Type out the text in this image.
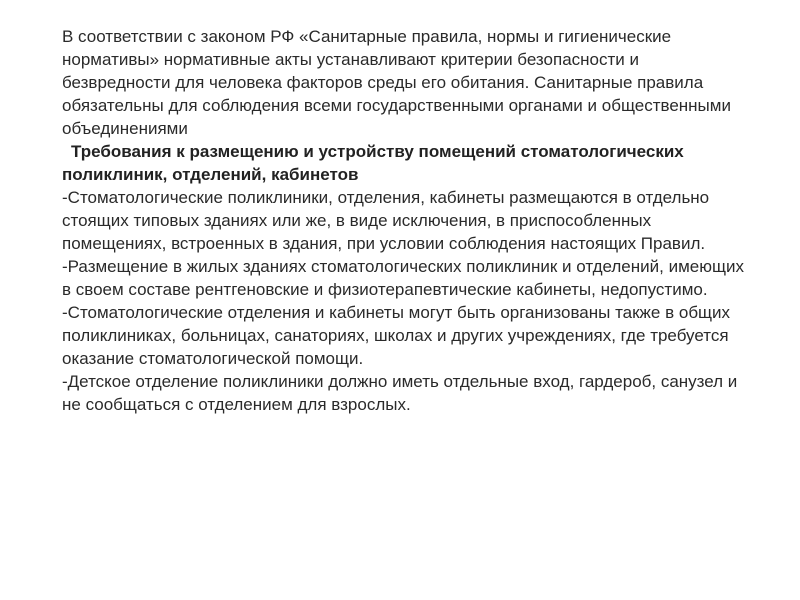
В соответствии с законом РФ «Санитарные правила, нормы и гигиенические нормативы» нормативные акты устанавливают критерии безопасности и безвредности для человека факторов среды его обитания. Санитарные правила обязательны для соблюдения всеми государственными органами и общественными объединениями

Требования к размещению и устройству помещений стоматологических поликлиник, отделений, кабинетов

-Стоматологические поликлиники, отделения, кабинеты размещаются в отдельно стоящих типовых зданиях или же, в виде исключения, в приспособленных помещениях, встроенных в здания, при условии соблюдения настоящих Правил.

-Размещение в жилых зданиях стоматологических поликлиник и отделений, имеющих в своем составе рентгеновские и физиотерапевтические кабинеты, недопустимо.

-Стоматологические отделения и кабинеты могут быть организованы также в общих поликлиниках, больницах, санаториях, школах и других учреждениях, где требуется оказание стоматологической помощи.

-Детское отделение поликлиники должно иметь отдельные вход, гардероб, санузел и не сообщаться с отделением для взрослых.
